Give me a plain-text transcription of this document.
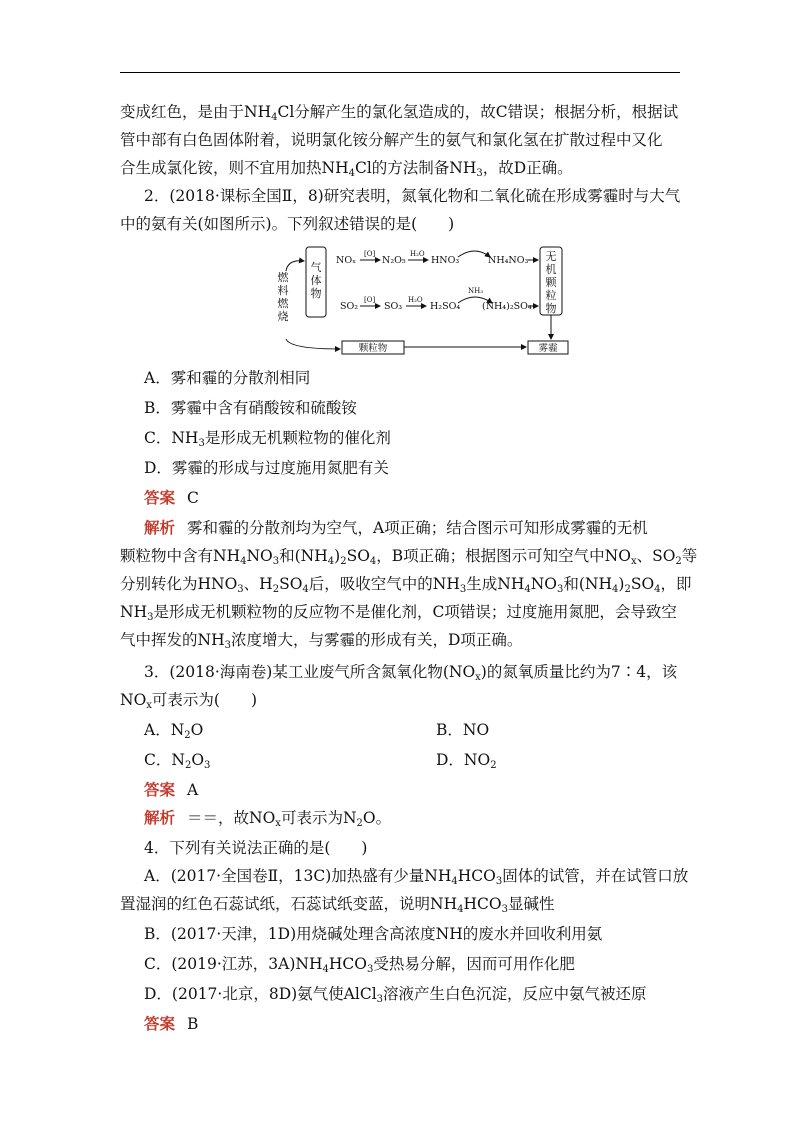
变成红色，是由于$NH_4Cl$分解产生的氯化氢造成的，故C错误；根据分析，根据试
管中部有白色固体附着，说明氯化铵分解产生的氨气和氯化氢在扩散过程中又化
合生成氯化铵，则不宜用加热$NH_4Cl$的方法制备$NH_3$，故D正确。
2．(2018·课标全国Ⅱ，8)研究表明，氮氧化物和二氧化硫在形成雾霾时与大气
中的氨有关(如图所示)。下列叙述错误的是(　　)
气体物
燃料燃烧
NOₓ
[O]
N₂O₅
H₂O
HNO₃	NH₄NO₃
SO₂
[O]
SO₃
H₂O
H₂SO₄
NH₃
(NH₄)₂SO₄
无机颗粒物
颗粒物	雾霾
A．雾和霾的分散剂相同
B．雾霾中含有硝酸铵和硫酸铵
C．$NH_3$是形成无机颗粒物的催化剂
D．雾霾的形成与过度施用氮肥有关
答案 C
解析 雾和霾的分散剂均为空气，A项正确；结合图示可知形成雾霾的无机
颗粒物中含有$NH_4NO_3$和$(NH_4)_2SO_4$，B项正确；根据图示可知空气中$NO_x$、$SO_2$等
分别转化为$HNO_3$、$H_2SO_4$后，吸收空气中的$NH_3$生成$NH_4NO_3$和$(NH_4)_2SO_4$，即
$NH_3$是形成无机颗粒物的反应物不是催化剂，C项错误；过度施用氮肥，会导致空
气中挥发的$NH_3$浓度增大，与雾霾的形成有关，D项正确。
3．(2018·海南卷)某工业废气所含氮氧化物$(NO_x)$的氮氧质量比约为7∶4，该
$NO_x$可表示为(　　)
A．$N_2O$	B．NO
C．$N_2O_3$	D．$NO_2$
答案 A
解析 ＝＝，故$NO_x$可表示为$N_2O$。
4．下列有关说法正确的是(　　)
A．(2017·全国卷Ⅱ，13C)加热盛有少量$NH_4HCO_3$固体的试管，并在试管口放
置湿润的红色石蕊试纸，石蕊试纸变蓝，说明$NH_4HCO_3$显碱性
B．(2017·天津，1D)用烧碱处理含高浓度NH的废水并回收利用氨
C．(2019·江苏，$3A)NH_4HCO_3$受热易分解，因而可用作化肥
D．(2017·北京，8D)氨气使AlCl$_3$溶液产生白色沉淀，反应中氨气被还原
答案 B
